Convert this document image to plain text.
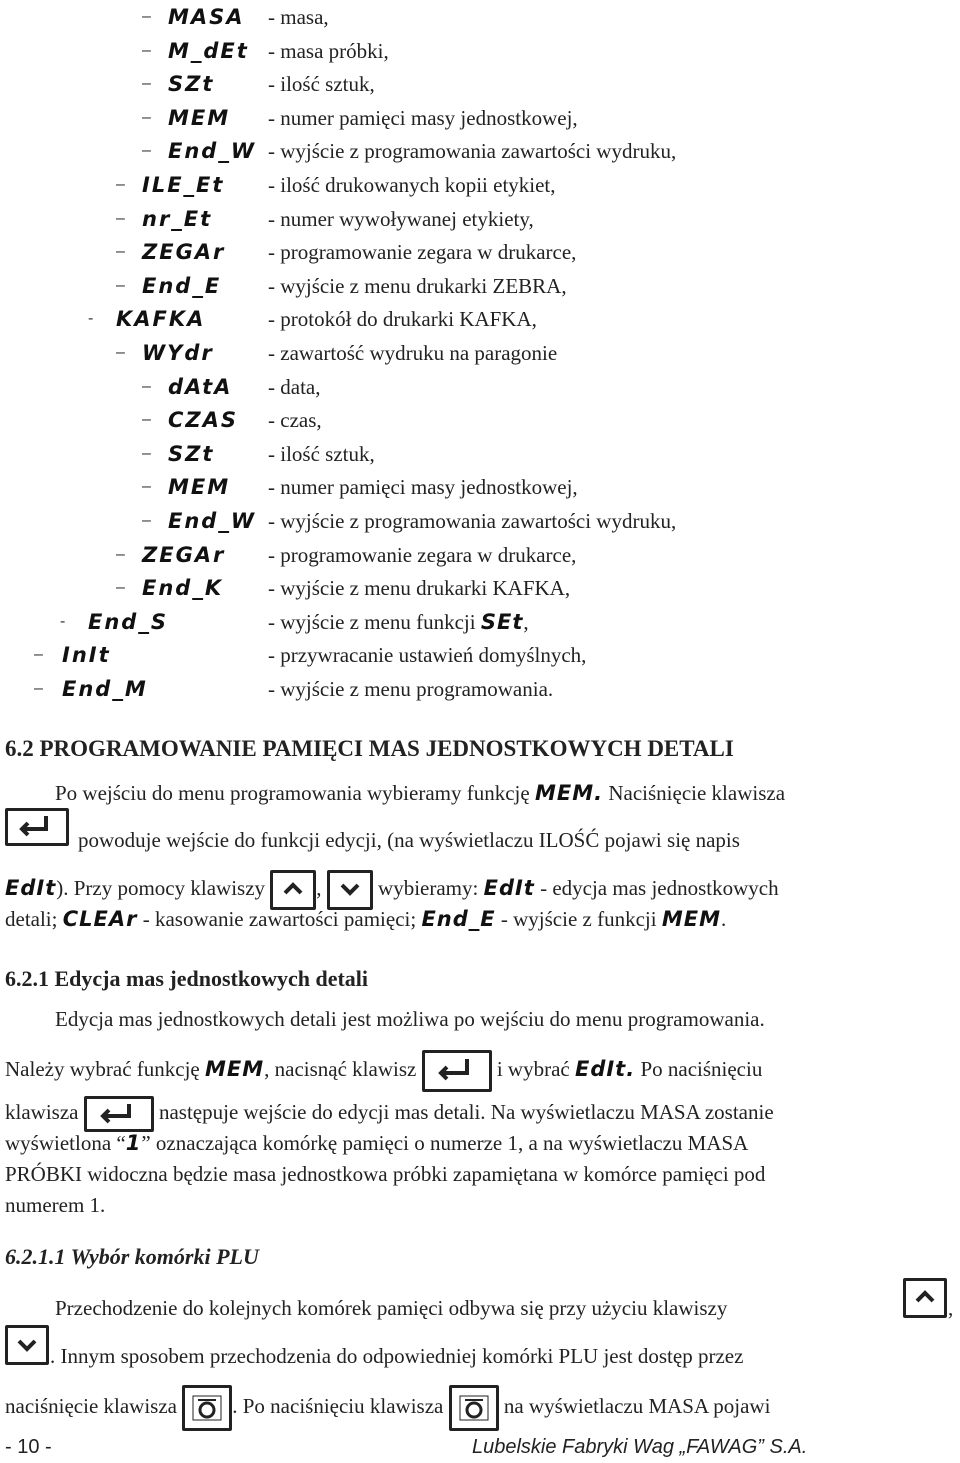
– MASA - masa,
– M_dEt - masa próbki,
– SZt	- ilość sztuk,
– MEM - numer pamięci masy jednostkowej,
– End_W - wyjście z programowania zawartości wydruku,
– ILE_Et - ilość drukowanych kopii etykiet,
– nr_Et	- numer wywoływanej etykiety,
– ZEGAr - programowanie zegara w drukarce,
– End_E - wyjście z menu drukarki ZEBRA,
- KAFKA	- protokół do drukarki KAFKA,
– WYdr	- zawartość wydruku na paragonie
– dAtA - data,
– CZAS - czas,
– SZt	- ilość sztuk,
– MEM - numer pamięci masy jednostkowej,
– End_W - wyjście z programowania zawartości wydruku,
– ZEGAr - programowanie zegara w drukarce,
– End_K - wyjście z menu drukarki KAFKA,
- End_S	- wyjście z menu funkcji SEt,
– InIt	- przywracanie ustawień domyślnych,
– End_M	- wyjście z menu programowania.
6.2 PROGRAMOWANIE PAMIĘCI MAS JEDNOSTKOWYCH DETALI
Po wejściu do menu programowania wybieramy funkcję MEM. Naciśnięcie klawisza
powoduje wejście do funkcji edycji, (na wyświetlaczu ILOŚĆ pojawi się napis
EdIt). Przy pomocy klawiszy ,	wybieramy: EdIt - edycja mas jednostkowych
detali; CLEAr - kasowanie zawartości pamięci; End_E - wyjście z funkcji MEM.
6.2.1 Edycja mas jednostkowych detali
Edycja mas jednostkowych detali jest możliwa po wejściu do menu programowania.
Należy wybrać funkcję MEM, nacisnąć klawisz	i wybrać EdIt. Po naciśnięciu
klawisza	następuje wejście do edycji mas detali. Na wyświetlaczu MASA zostanie
wyświetlona “1” oznaczająca komórkę pamięci o numerze 1, a na wyświetlaczu MASA
PRÓBKI widoczna będzie masa jednostkowa próbki zapamiętana w komórce pamięci pod
numerem 1.
6.2.1.1 Wybór komórki PLU
Przechodzenie do kolejnych komórek pamięci odbywa się przy użyciu klawiszy	,
. Innym sposobem przechodzenia do odpowiedniej komórki PLU jest dostęp przez
naciśnięcie klawisza	. Po naciśnięciu klawisza	na wyświetlaczu MASA pojawi
- 10 -	Lubelskie Fabryki Wag „FAWAG” S.A.
